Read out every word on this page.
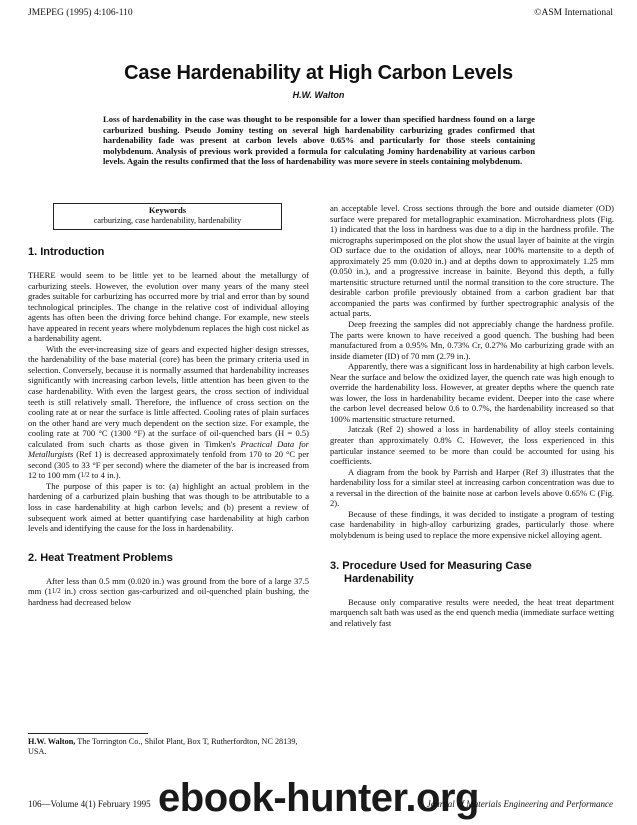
JMEPEG (1995) 4:106-110	©ASM International
Case Hardenability at High Carbon Levels
H.W. Walton
Loss of hardenability in the case was thought to be responsible for a lower than specified hardness found on a large carburized bushing. Pseudo Jominy testing on several high hardenability carburizing grades confirmed that hardenability fade was present at carbon levels above 0.65% and particularly for those steels containing molybdenum. Analysis of previous work provided a formula for calculating Jominy hardenability at various carbon levels. Again the results confirmed that the loss of hardenability was more severe in steels containing molybdenum.
Keywords
carburizing, case hardenability, hardenability
1. Introduction

THERE would seem to be little yet to be learned about the metallurgy of carburizing steels. However, the evolution over many years of the many steel grades suitable for carburizing has occurred more by trial and error than by sound technological principles. The change in the relative cost of individual alloying agents has often been the driving force behind change. For example, new steels have appeared in recent years where molybdenum replaces the high cost nickel as a hardenability agent.

With the ever-increasing size of gears and expected higher design stresses, the hardenability of the base material (core) has been the primary criteria used in selection. Conversely, because it is normally assumed that hardenability increases significantly with increasing carbon levels, little attention has been given to the case hardenability. With even the largest gears, the cross section of individual teeth is still relatively small. Therefore, the influence of cross section on the cooling rate at or near the surface is little affected. Cooling rates of plain surfaces on the other hand are very much dependent on the section size. For example, the cooling rate at 700 °C (1300 °F) at the surface of oil-quenched bars (H = 0.5) calculated from such charts as those given in Timken's Practical Data for Metallurgists (Ref 1) is decreased approximately tenfold from 170 to 20 °C per second (305 to 33 °F per second) where the diameter of the bar is increased from 12 to 100 mm (1/2 to 4 in.).

The purpose of this paper is to: (a) highlight an actual problem in the hardening of a carburized plain bushing that was though to be attributable to a loss in case hardenability at high carbon levels; and (b) present a review of subsequent work aimed at better quantifying case hardenability at high carbon levels and identifying the cause for the loss in hardenability.

2. Heat Treatment Problems

After less than 0.5 mm (0.020 in.) was ground from the bore of a large 37.5 mm (11/2 in.) cross section gas-carburized and oil-quenched plain bushing, the hardness had decreased below

an acceptable level. Cross sections through the bore and outside diameter (OD) surface were prepared for metallographic examination. Microhardness plots (Fig. 1) indicated that the loss in hardness was due to a dip in the hardness profile. The micrographs superimposed on the plot show the usual layer of bainite at the virgin OD surface due to the oxidation of alloys, near 100% martensite to a depth of approximately 25 mm (0.020 in.) and at depths down to approximately 1.25 mm (0.050 in.), and a progressive increase in bainite. Beyond this depth, a fully martensitic structure returned until the normal transition to the core structure. The desirable carbon profile previously obtained from a carbon gradient bar that accompanied the parts was confirmed by further spectrographic analysis of the actual parts.

Deep freezing the samples did not appreciably change the hardness profile. The parts were known to have received a good quench. The bushing had been manufactured from a 0.95% Mn, 0.73% Cr, 0.27% Mo carburizing grade with an inside diameter (ID) of 70 mm (2.79 in.).

Apparently, there was a significant loss in hardenability at high carbon levels. Near the surface and below the oxidized layer, the quench rate was high enough to override the hardenability loss. However, at greater depths where the quench rate was lower, the loss in hardenability became evident. Deeper into the case where the carbon level decreased below 0.6 to 0.7%, the hardenability increased so that 100% martensitic structure returned.

Jatczak (Ref 2) showed a loss in hardenability of alloy steels containing greater than approximately 0.8% C. However, the loss experienced in this particular instance seemed to be more than could be accounted for using his coefficients.

A diagram from the book by Parrish and Harper (Ref 3) illustrates that the hardenability loss for a similar steel at increasing carbon concentration was due to a reversal in the direction of the bainite nose at carbon levels above 0.65% C (Fig. 2).

Because of these findings, it was decided to instigate a program of testing case hardenability in high-alloy carburizing grades, particularly those where molybdenum is being used to replace the more expensive nickel alloying agent.

3. Procedure Used for Measuring Case
Hardenability

Because only comparative results were needed, the heat treat department marquench salt bath was used as the end quench media (immediate surface wetting and relatively fast

H.W. Walton, The Torrington Co., Shilot Plant, Box T, Rutherfordton, NC 28139, USA.
106—Volume 4(1) February 1995	Journal of Materials Engineering and Performance
ebook-hunter.org
